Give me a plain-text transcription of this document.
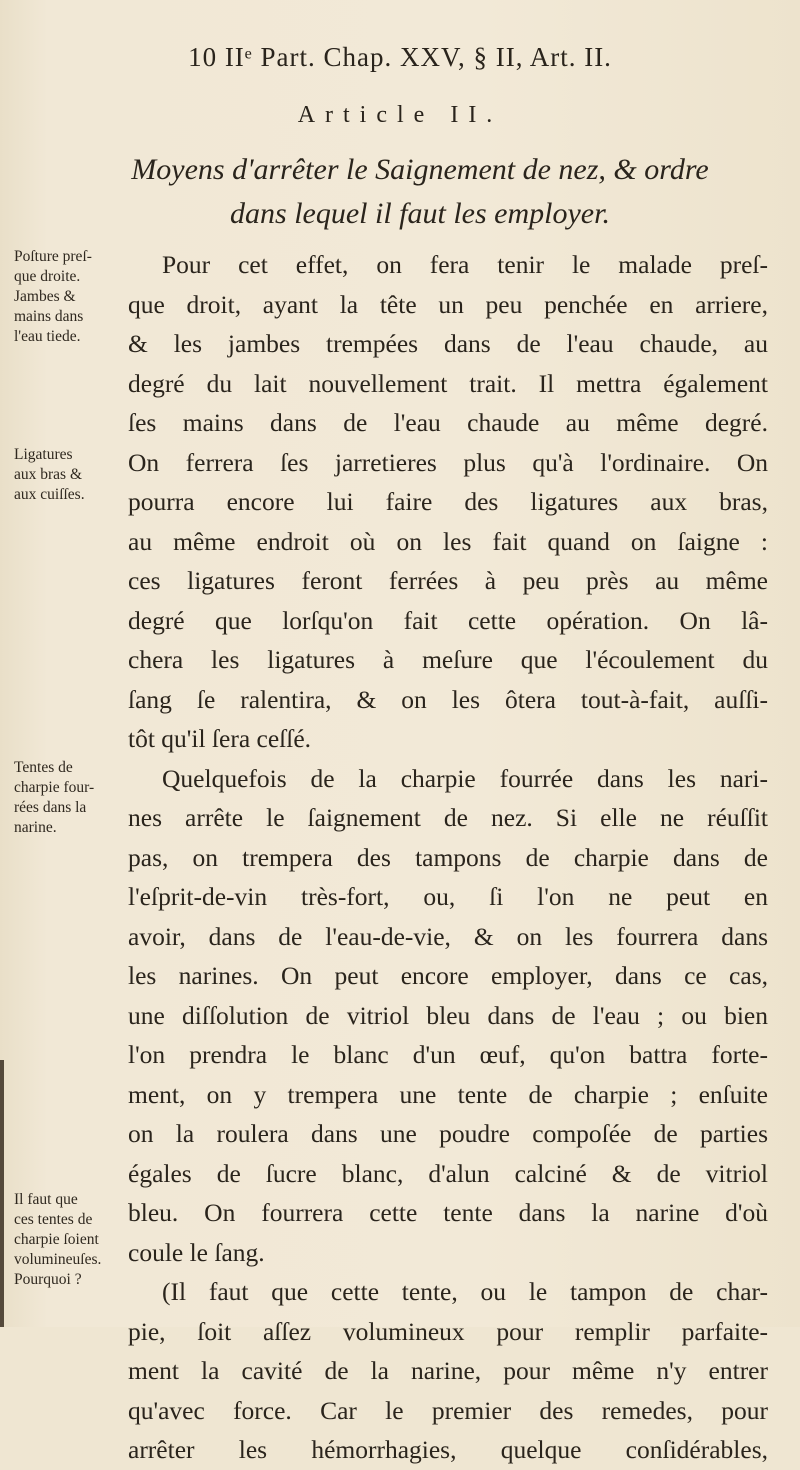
10 IIᵉ Part. Chap. XXV, § II, Art. II.
Article II.
Moyens d'arrêter le Saignement de nez, & ordre
dans lequel il faut les employer.
Poſture preſ-
que droite.
Jambes &
mains dans
l'eau tiede.
Ligatures
aux bras &
aux cuiſſes.
Tentes de
charpie four-
rées dans la
narine.
Il faut que
ces tentes de
charpie ſoient
volumineuſes.
Pourquoi ?
Pour cet effet, on fera tenir le malade preſ-
que droit, ayant la tête un peu penchée en arriere,
& les jambes trempées dans de l'eau chaude, au
degré du lait nouvellement trait. Il mettra également
ſes mains dans de l'eau chaude au même degré.
On ferrera ſes jarretieres plus qu'à l'ordinaire. On
pourra encore lui faire des ligatures aux bras,
au même endroit où on les fait quand on ſaigne :
ces ligatures feront ferrées à peu près au même
degré que lorſqu'on fait cette opération. On lâ-
chera les ligatures à meſure que l'écoulement du
ſang ſe ralentira, & on les ôtera tout-à-fait, auſſi-
tôt qu'il ſera ceſſé.
Quelquefois de la charpie fourrée dans les nari-
nes arrête le ſaignement de nez. Si elle ne réuſſit
pas, on trempera des tampons de charpie dans de
l'eſprit-de-vin très-fort, ou, ſi l'on ne peut en
avoir, dans de l'eau-de-vie, & on les fourrera dans
les narines. On peut encore employer, dans ce cas,
une diſſolution de vitriol bleu dans de l'eau ; ou bien
l'on prendra le blanc d'un œuf, qu'on battra forte-
ment, on y trempera une tente de charpie ; enſuite
on la roulera dans une poudre compoſée de parties
égales de ſucre blanc, d'alun calciné & de vitriol
bleu. On fourrera cette tente dans la narine d'où
coule le ſang.
(Il faut que cette tente, ou le tampon de char-
pie, ſoit aſſez volumineux pour remplir parfaite-
ment la cavité de la narine, pour même n'y entrer
qu'avec force. Car le premier des remedes, pour
arrêter les hémorrhagies, quelque conſidérables,
